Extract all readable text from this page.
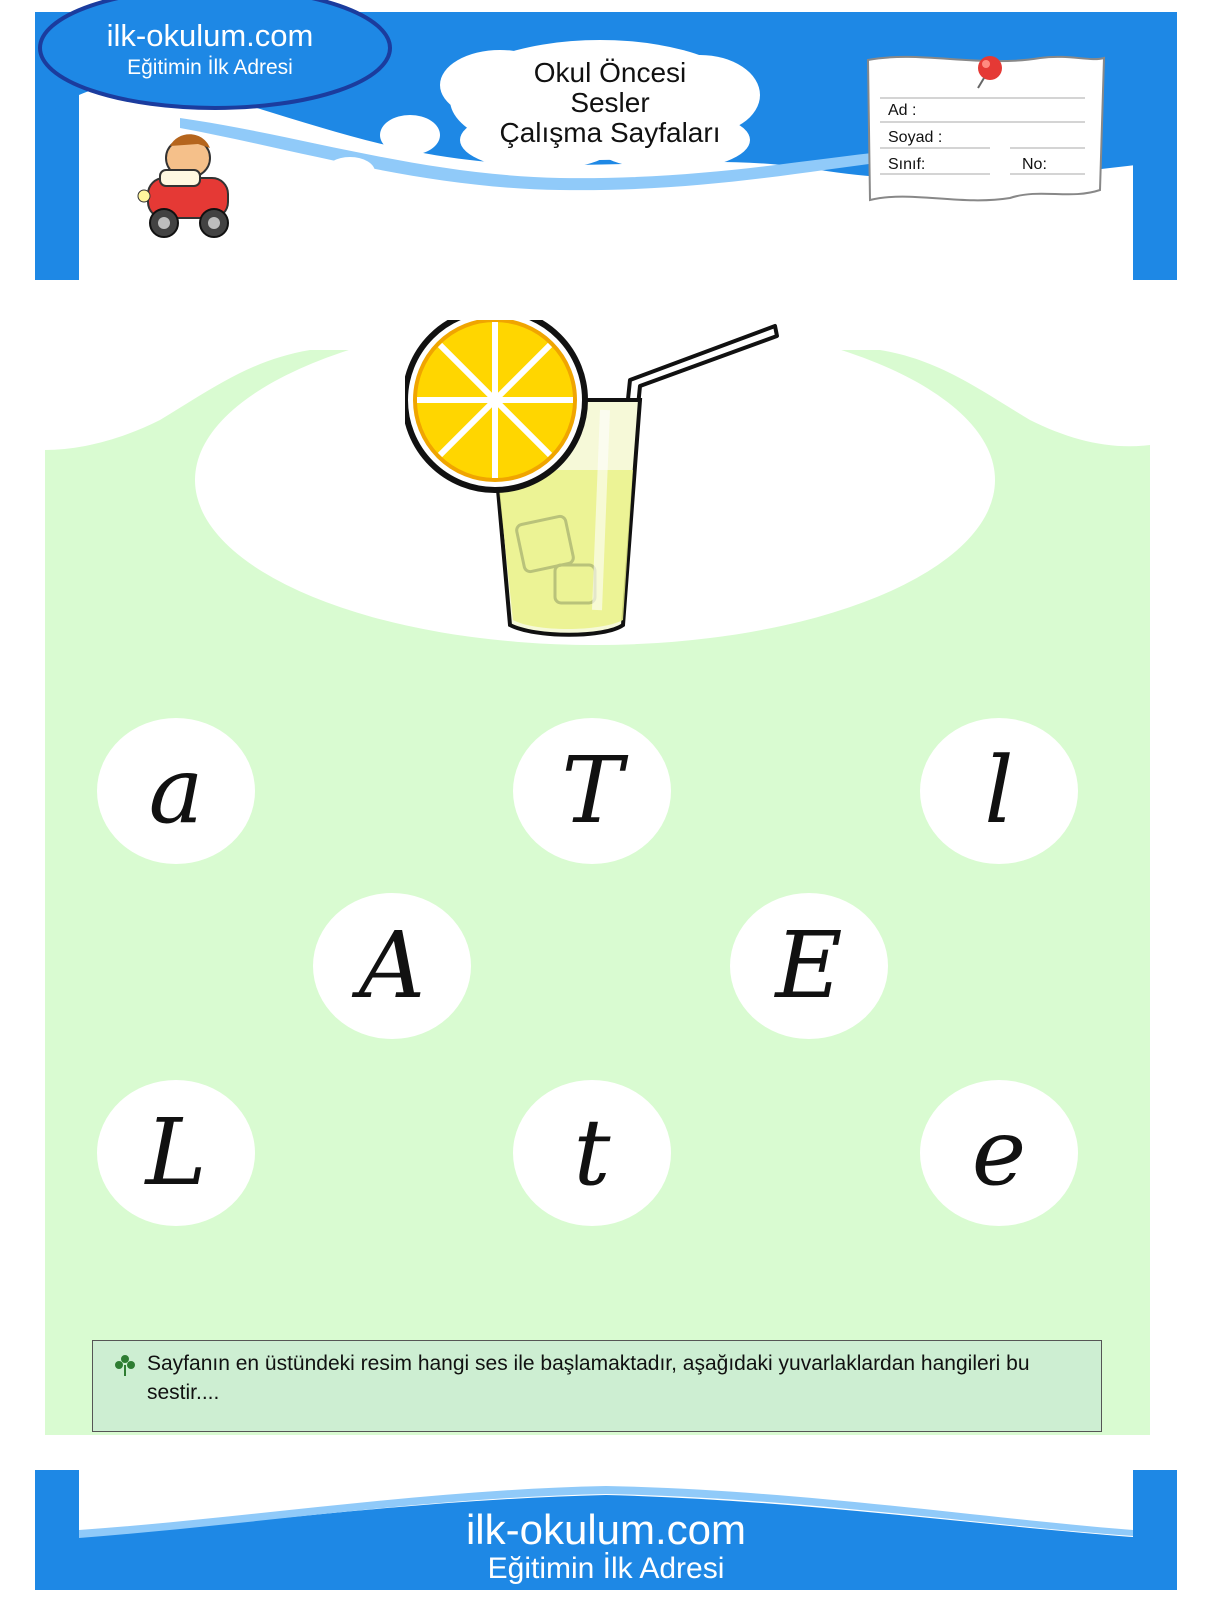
ilk-okulum.com
Eğitimin İlk Adresi	Okul Öncesi
Sesler
Çalışma Sayfaları
Ad :
Soyad :
Sınıf:	No:
a	T	l
A	E
L	t	e
Sayfanın en üstündeki resim hangi ses ile başlamaktadır, aşağıdaki yuvarlaklardan hangileri bu sestir....
ilk-okulum.com
Eğitimin İlk Adresi
